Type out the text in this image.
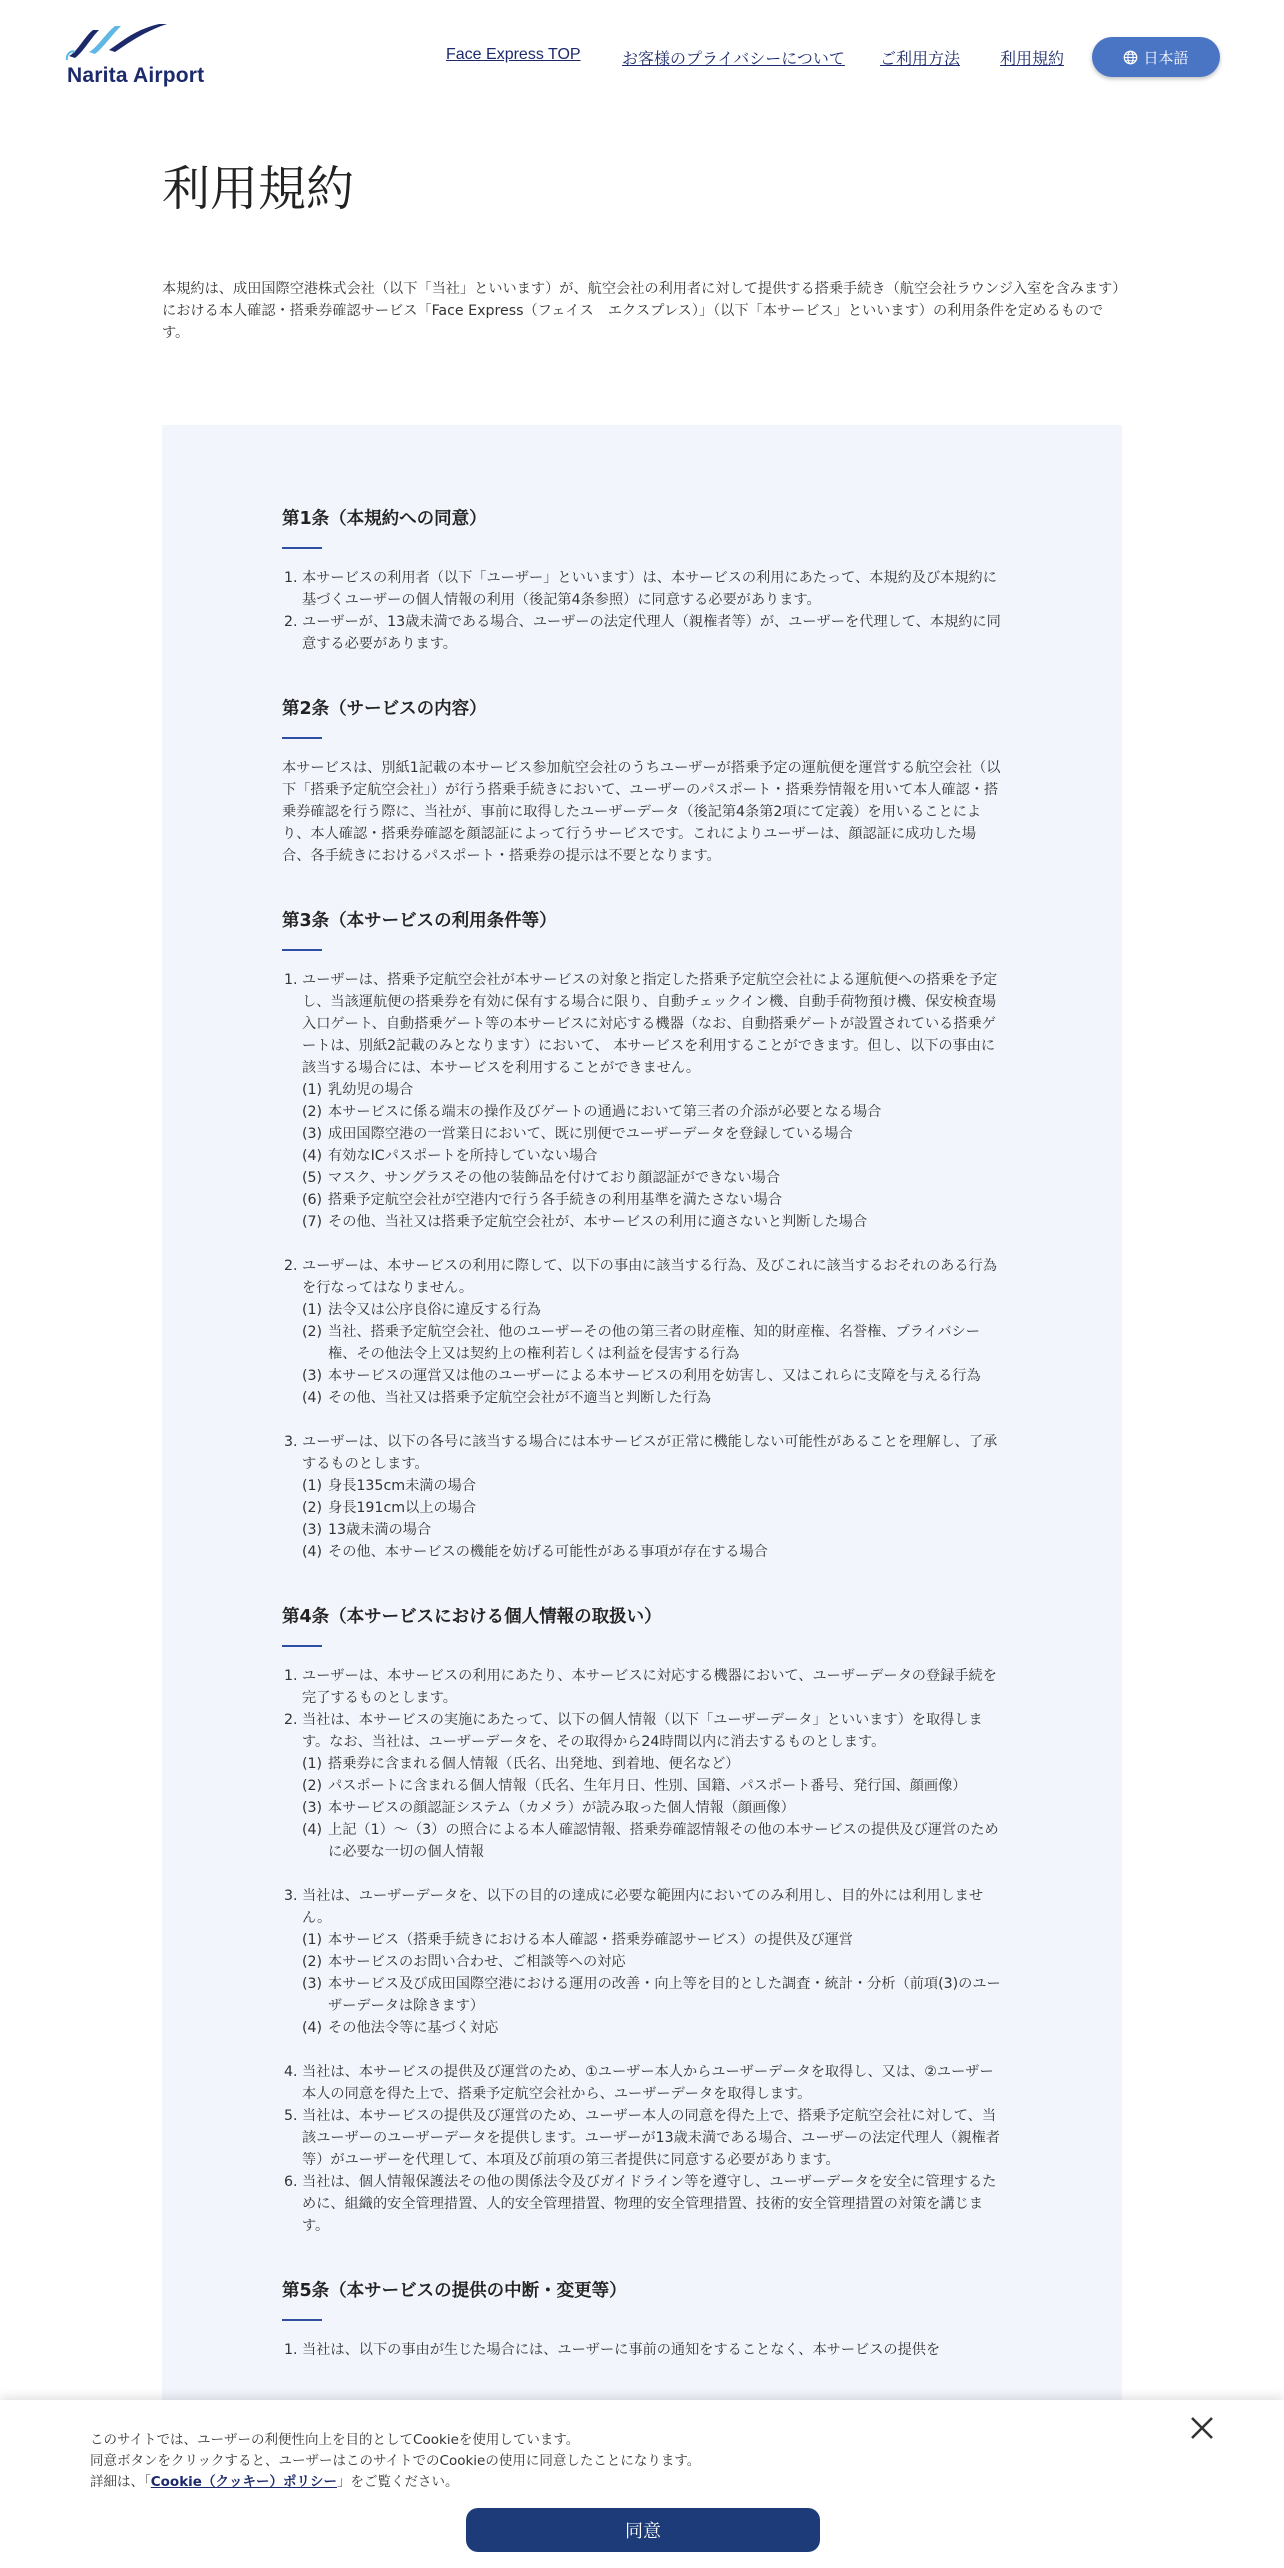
Narita Airport
Face Express TOP	お客様のプライバシーについて ご利用方法 利用規約	日本語
利用規約

本規約は、成田国際空港株式会社（以下「当社」といいます）が、航空会社の利用者に対して提供する搭乗手続き（航空会社ラウンジ入室を含みます）における本人確認・搭乗券確認サービス「Face Express（フェイス　エクスプレス）」（以下「本サービス」といいます）の利用条件を定めるものです。

第1条（本規約への同意）
1. 本サービスの利用者（以下「ユーザー」といいます）は、本サービスの利用にあたって、本規約及び本規約に基づくユーザーの個人情報の利用（後記第4条参照）に同意する必要があります。
2. ユーザーが、13歳未満である場合、ユーザーの法定代理人（親権者等）が、ユーザーを代理して、本規約に同意する必要があります。
第2条（サービスの内容）

本サービスは、別紙1記載の本サービス参加航空会社のうちユーザーが搭乗予定の運航便を運営する航空会社（以下「搭乗予定航空会社」）が行う搭乗手続きにおいて、ユーザーのパスポート・搭乗券情報を用いて本人確認・搭乗券確認を行う際に、当社が、事前に取得したユーザーデータ（後記第4条第2項にて定義）を用いることにより、本人確認・搭乗券確認を顔認証によって行うサービスです。これによりユーザーは、顔認証に成功した場合、各手続きにおけるパスポート・搭乗券の提示は不要となります。

第3条（本サービスの利用条件等）
1. ユーザーは、搭乗予定航空会社が本サービスの対象と指定した搭乗予定航空会社による運航便への搭乗を予定し、当該運航便の搭乗券を有効に保有する場合に限り、自動チェックイン機、自動手荷物預け機、保安検査場入口ゲート、自動搭乗ゲート等の本サービスに対応する機器（なお、自動搭乗ゲートが設置されている搭乗ゲートは、別紙2記載のみとなります）において、 本サービスを利用することができます。但し、以下の事由に該当する場合には、本サービスを利用することができません。
(1) 乳幼児の場合
(2) 本サービスに係る端末の操作及びゲートの通過において第三者の介添が必要となる場合
(3) 成田国際空港の一営業日において、既に別便でユーザーデータを登録している場合
(4) 有効なICパスポートを所持していない場合
(5) マスク、サングラスその他の装飾品を付けており顔認証ができない場合
(6) 搭乗予定航空会社が空港内で行う各手続きの利用基準を満たさない場合
(7) その他、当社又は搭乗予定航空会社が、本サービスの利用に適さないと判断した場合
2. ユーザーは、本サービスの利用に際して、以下の事由に該当する行為、及びこれに該当するおそれのある行為を行なってはなりません。
(1) 法令又は公序良俗に違反する行為
(2) 当社、搭乗予定航空会社、他のユーザーその他の第三者の財産権、知的財産権、名誉権、プライバシー権、その他法令上又は契約上の権利若しくは利益を侵害する行為
(3) 本サービスの運営又は他のユーザーによる本サービスの利用を妨害し、又はこれらに支障を与える行為
(4) その他、当社又は搭乗予定航空会社が不適当と判断した行為
3. ユーザーは、以下の各号に該当する場合には本サービスが正常に機能しない可能性があることを理解し、了承するものとします。
(1) 身長135cm未満の場合
(2) 身長191cm以上の場合
(3) 13歳未満の場合
(4) その他、本サービスの機能を妨げる可能性がある事項が存在する場合
第4条（本サービスにおける個人情報の取扱い）
1. ユーザーは、本サービスの利用にあたり、本サービスに対応する機器において、ユーザーデータの登録手続を完了するものとします。
2. 当社は、本サービスの実施にあたって、以下の個人情報（以下「ユーザーデータ」といいます）を取得します。なお、当社は、ユーザーデータを、その取得から24時間以内に消去するものとします。
(1) 搭乗券に含まれる個人情報（氏名、出発地、到着地、便名など）
(2) パスポートに含まれる個人情報（氏名、生年月日、性別、国籍、パスポート番号、発行国、顔画像）
(3) 本サービスの顔認証システム（カメラ）が読み取った個人情報（顔画像）
(4) 上記（1）～（3）の照合による本人確認情報、搭乗券確認情報その他の本サービスの提供及び運営のために必要な一切の個人情報
3. 当社は、ユーザーデータを、以下の目的の達成に必要な範囲内においてのみ利用し、目的外には利用しません。
(1) 本サービス（搭乗手続きにおける本人確認・搭乗券確認サービス）の提供及び運営
(2) 本サービスのお問い合わせ、ご相談等への対応
(3) 本サービス及び成田国際空港における運用の改善・向上等を目的とした調査・統計・分析（前項(3)のユーザーデータは除きます）
(4) その他法令等に基づく対応
4. 当社は、本サービスの提供及び運営のため、①ユーザー本人からユーザーデータを取得し、又は、②ユーザー本人の同意を得た上で、搭乗予定航空会社から、ユーザーデータを取得します。
5. 当社は、本サービスの提供及び運営のため、ユーザー本人の同意を得た上で、搭乗予定航空会社に対して、当該ユーザーのユーザーデータを提供します。ユーザーが13歳未満である場合、ユーザーの法定代理人（親権者等）がユーザーを代理して、本項及び前項の第三者提供に同意する必要があります。
6. 当社は、個人情報保護法その他の関係法令及びガイドライン等を遵守し、ユーザーデータを安全に管理するために、組織的安全管理措置、人的安全管理措置、物理的安全管理措置、技術的安全管理措置の対策を講じます。
第5条（本サービスの提供の中断・変更等）
1. 当社は、以下の事由が生じた場合には、ユーザーに事前の通知をすることなく、本サービスの提供を
このサイトでは、ユーザーの利便性向上を目的としてCookieを使用しています。
同意ボタンをクリックすると、ユーザーはこのサイトでのCookieの使用に同意したことになります。
詳細は、「Cookie（クッキー）ポリシー」をご覧ください。
同意
